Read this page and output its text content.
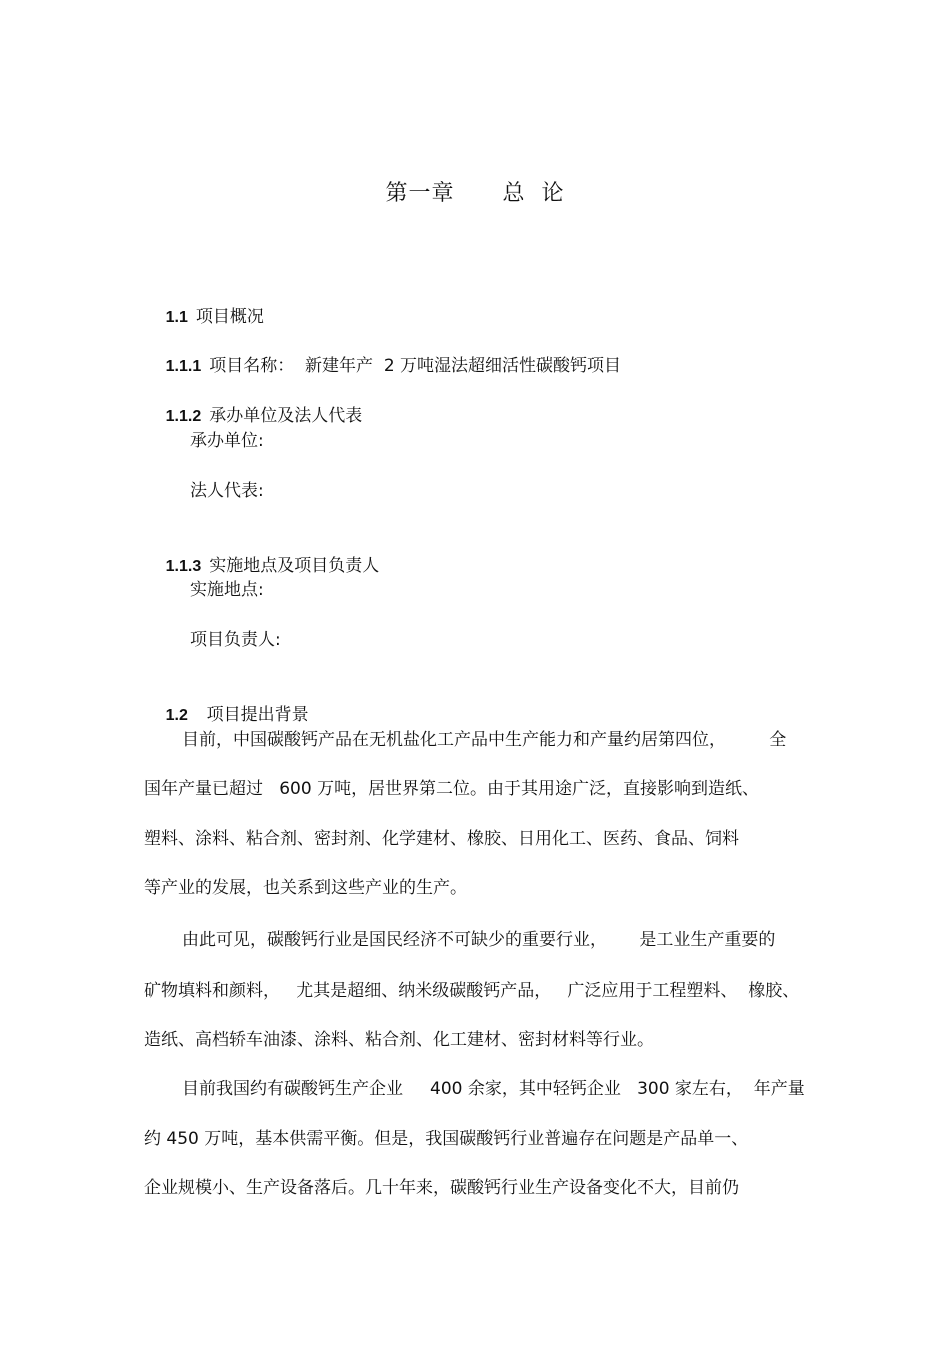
第一章      总  论

1.1 项目概况

1.1.1 项目名称：  新建年产  2 万吨湿法超细活性碳酸钙项目

1.1.2 承办单位及法人代表

承办单位:
法人代表:

1.1.3 实施地点及项目负责人

实施地点:
项目负责人:

1.2  项目提出背景

目前，中国碳酸钙产品在无机盐化工产品中生产能力和产量约居第四位，        全
国年产量已超过   600 万吨，居世界第二位。由于其用途广泛，直接影响到造纸、
塑料、涂料、粘合剂、密封剂、化学建材、橡胶、日用化工、医药、食品、饲料
等产业的发展，也关系到这些产业的生产。
由此可见，碳酸钙行业是国民经济不可缺少的重要行业，      是工业生产重要的
矿物填料和颜料，   尤其是超细、纳米级碳酸钙产品，   广泛应用于工程塑料、  橡胶、
造纸、高档轿车油漆、涂料、粘合剂、化工建材、密封材料等行业。
目前我国约有碳酸钙生产企业     400 余家，其中轻钙企业   300 家左右，  年产量
约 450 万吨，基本供需平衡。但是，我国碳酸钙行业普遍存在问题是产品单一、
企业规模小、生产设备落后。几十年来，碳酸钙行业生产设备变化不大，目前仍
